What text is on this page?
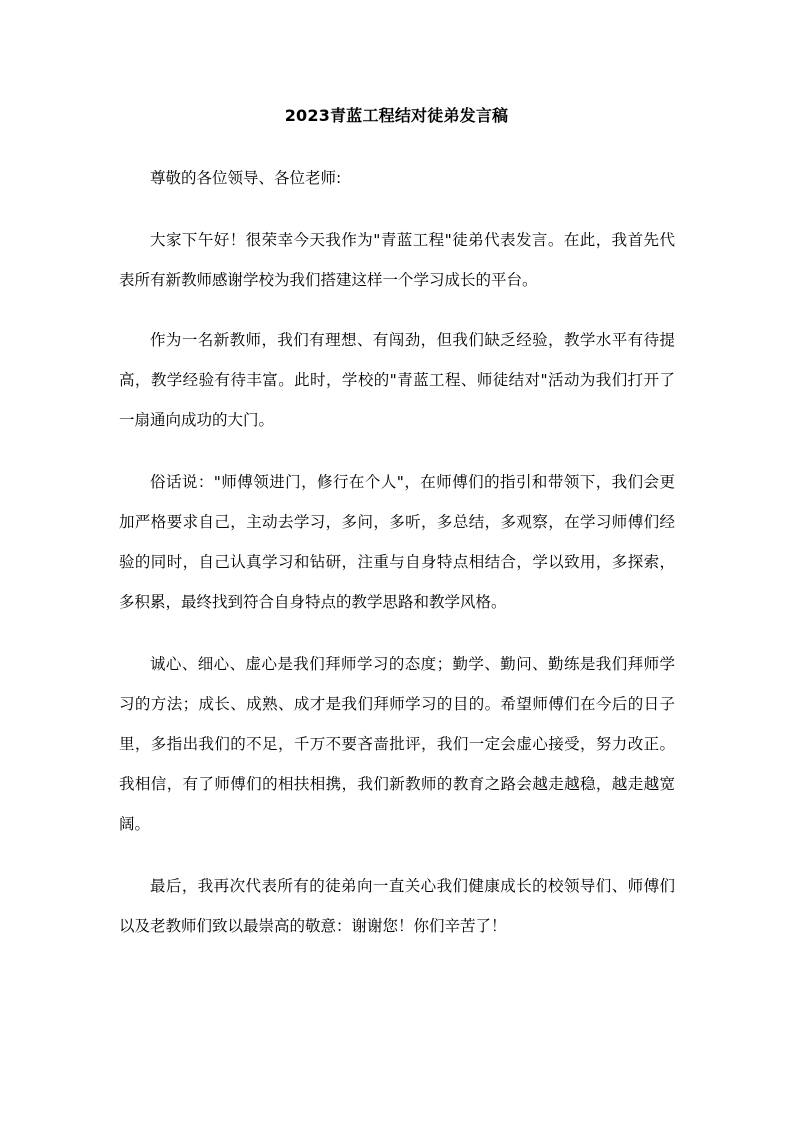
2023青蓝工程结对徒弟发言稿

尊敬的各位领导、各位老师:

大家下午好！很荣幸今天我作为"青蓝工程"徒弟代表发言。在此，我首先代表所有新教师感谢学校为我们搭建这样一个学习成长的平台。

作为一名新教师，我们有理想、有闯劲，但我们缺乏经验，教学水平有待提高，教学经验有待丰富。此时，学校的"青蓝工程、师徒结对"活动为我们打开了一扇通向成功的大门。

俗话说："师傅领进门，修行在个人"，在师傅们的指引和带领下，我们会更加严格要求自己，主动去学习，多问，多听，多总结，多观察，在学习师傅们经验的同时，自己认真学习和钻研，注重与自身特点相结合，学以致用，多探索，多积累，最终找到符合自身特点的教学思路和教学风格。

诚心、细心、虚心是我们拜师学习的态度；勤学、勤问、勤练是我们拜师学习的方法；成长、成熟、成才是我们拜师学习的目的。希望师傅们在今后的日子里，多指出我们的不足，千万不要吝啬批评，我们一定会虚心接受，努力改正。我相信，有了师傅们的相扶相携，我们新教师的教育之路会越走越稳，越走越宽阔。

最后，我再次代表所有的徒弟向一直关心我们健康成长的校领导们、师傅们以及老教师们致以最崇高的敬意：谢谢您！你们辛苦了！
